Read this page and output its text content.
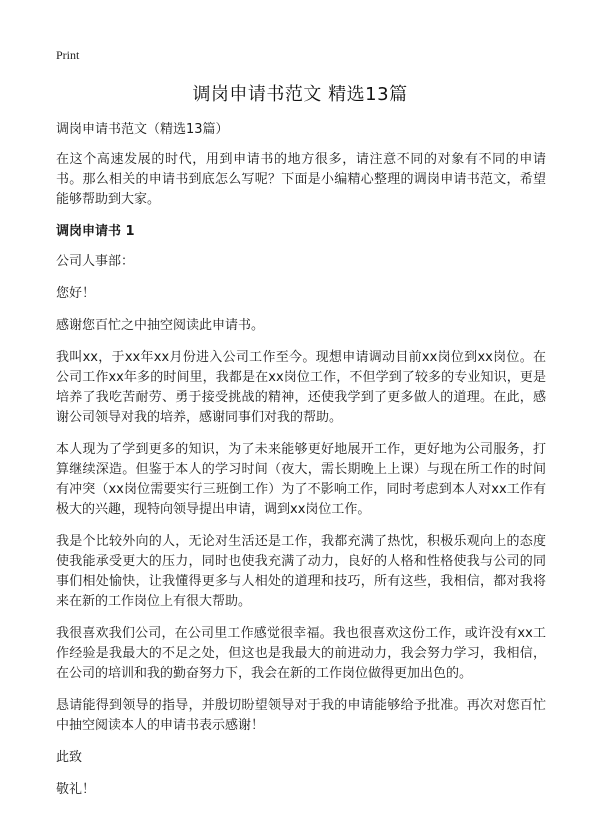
Print
调岗申请书范文 精选13篇

调岗申请书范文（精选13篇）

在这个高速发展的时代，用到申请书的地方很多，请注意不同的对象有不同的申请书。那么相关的申请书到底怎么写呢？下面是小编精心整理的调岗申请书范文，希望能够帮助到大家。

调岗申请书 1

公司人事部：

您好！

感谢您百忙之中抽空阅读此申请书。

我叫xx，于xx年xx月份进入公司工作至今。现想申请调动目前xx岗位到xx岗位。在公司工作xx年多的时间里，我都是在xx岗位工作，不但学到了较多的专业知识，更是培养了我吃苦耐劳、勇于接受挑战的精神，还使我学到了更多做人的道理。在此，感谢公司领导对我的培养，感谢同事们对我的帮助。

本人现为了学到更多的知识，为了未来能够更好地展开工作，更好地为公司服务，打算继续深造。但鉴于本人的学习时间（夜大，需长期晚上上课）与现在所工作的时间有冲突（xx岗位需要实行三班倒工作）为了不影响工作，同时考虑到本人对xx工作有极大的兴趣，现特向领导提出申请，调到xx岗位工作。

我是个比较外向的人，无论对生活还是工作，我都充满了热忱，积极乐观向上的态度使我能承受更大的压力，同时也使我充满了动力，良好的人格和性格使我与公司的同事们相处愉快，让我懂得更多与人相处的道理和技巧，所有这些，我相信，都对我将来在新的工作岗位上有很大帮助。

我很喜欢我们公司，在公司里工作感觉很幸福。我也很喜欢这份工作，或许没有xx工作经验是我最大的不足之处，但这也是我最大的前进动力，我会努力学习，我相信，在公司的培训和我的勤奋努力下，我会在新的工作岗位做得更加出色的。

恳请能得到领导的指导，并殷切盼望领导对于我的申请能够给予批准。再次对您百忙中抽空阅读本人的申请书表示感谢！

此致

敬礼！
